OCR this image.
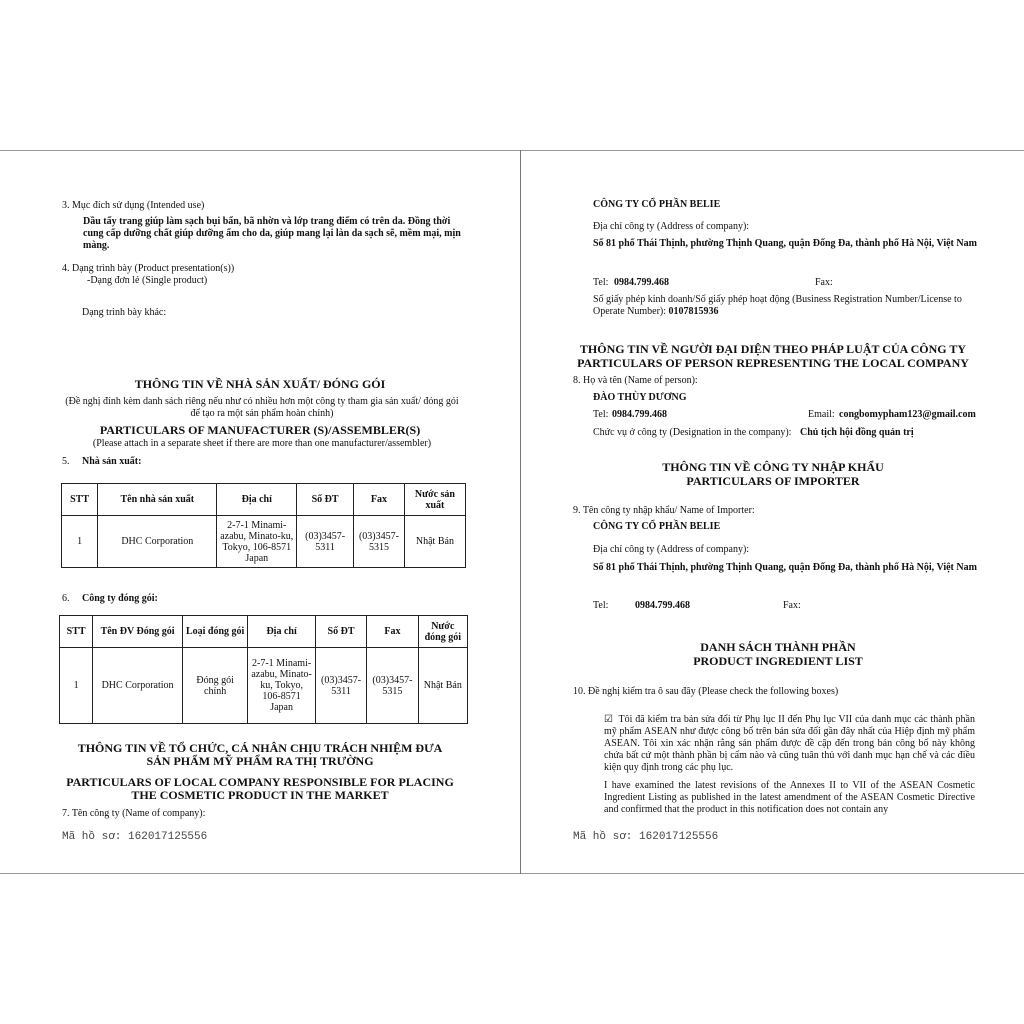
3. Mục đích sử dụng (Intended use)
Dầu tẩy trang giúp làm sạch bụi bẩn, bã nhờn và lớp trang điểm có trên da. Đồng thời cung cấp dưỡng chất giúp dưỡng ẩm cho da, giúp mang lại làn da sạch sẽ, mềm mại, mịn màng.
4. Dạng trình bày (Product presentation(s))
-Dạng đơn lẻ (Single product)
Dạng trình bày khác:
THÔNG TIN VỀ NHÀ SẢN XUẤT/ ĐÓNG GÓI
(Đề nghị đính kèm danh sách riêng nếu như có nhiều hơn một công ty tham gia sản xuất/ đóng gói để tạo ra một sản phẩm hoàn chỉnh)
PARTICULARS OF MANUFACTURER (S)/ASSEMBLER(S)
(Please attach in a separate sheet if there are more than one manufacturer/assembler)
5. Nhà sản xuất:
STT	Tên nhà sản xuất	Địa chỉ	Số ĐT	Fax	Nước sản xuất
1	DHC Corporation	2-7-1 Minami-azabu, Minato-ku, Tokyo, 106-8571 Japan	(03)3457-5311	(03)3457-5315	Nhật Bản
6. Công ty đóng gói:
STT	Tên ĐV Đóng gói	Loại đóng gói	Địa chỉ	Số ĐT	Fax	Nước đóng gói
1	DHC Corporation	Đóng gói chính	2-7-1 Minami-azabu, Minato-ku, Tokyo, 106-8571 Japan	(03)3457-5311	(03)3457-5315	Nhật Bản
THÔNG TIN VỀ TỔ CHỨC, CÁ NHÂN CHỊU TRÁCH NHIỆM ĐƯA SẢN PHẨM MỸ PHẨM RA THỊ TRƯỜNG
PARTICULARS OF LOCAL COMPANY RESPONSIBLE FOR PLACING THE COSMETIC PRODUCT IN THE MARKET
7. Tên công ty (Name of company):
Mã hồ sơ: 162017125556
CÔNG TY CỔ PHẦN BELIE
Địa chỉ công ty (Address of company):
Số 81 phố Thái Thịnh, phường Thịnh Quang, quận Đống Đa, thành phố Hà Nội, Việt Nam
Tel: 0984.799.468	Fax:
Số giấy phép kinh doanh/Số giấy phép hoạt động (Business Registration Number/License to Operate Number): 0107815936
THÔNG TIN VỀ NGƯỜI ĐẠI DIỆN THEO PHÁP LUẬT CỦA CÔNG TY
PARTICULARS OF PERSON REPRESENTING THE LOCAL COMPANY
8. Họ và tên (Name of person):
ĐÀO THÙY DƯƠNG
Tel: 0984.799.468	Email: congbomypham123@gmail.com
Chức vụ ở công ty (Designation in the company): Chủ tịch hội đồng quản trị
THÔNG TIN VỀ CÔNG TY NHẬP KHẨU
PARTICULARS OF IMPORTER
9. Tên công ty nhập khẩu/ Name of Importer:
CÔNG TY CỔ PHẦN BELIE
Địa chỉ công ty (Address of company):
Số 81 phố Thái Thịnh, phường Thịnh Quang, quận Đống Đa, thành phố Hà Nội, Việt Nam
Tel:	0984.799.468	Fax:
DANH SÁCH THÀNH PHẦN
PRODUCT INGREDIENT LIST
10. Đề nghị kiểm tra ô sau đây (Please check the following boxes)
☑ Tôi đã kiểm tra bản sửa đổi từ Phụ lục II đến Phụ lục VII của danh mục các thành phần mỹ phẩm ASEAN như được công bố trên bản sửa đổi gần đây nhất của Hiệp định mỹ phẩm ASEAN. Tôi xin xác nhận rằng sản phẩm được đề cập đến trong bản công bố này không chứa bất cứ một thành phần bị cấm nào và cũng tuân thủ với danh mục hạn chế và các điều kiện quy định trong các phụ lục.
I have examined the latest revisions of the Annexes II to VII of the ASEAN Cosmetic Ingredient Listing as published in the latest amendment of the ASEAN Cosmetic Directive and confirmed that the product in this notification does not contain any
Mã hồ sơ: 162017125556
